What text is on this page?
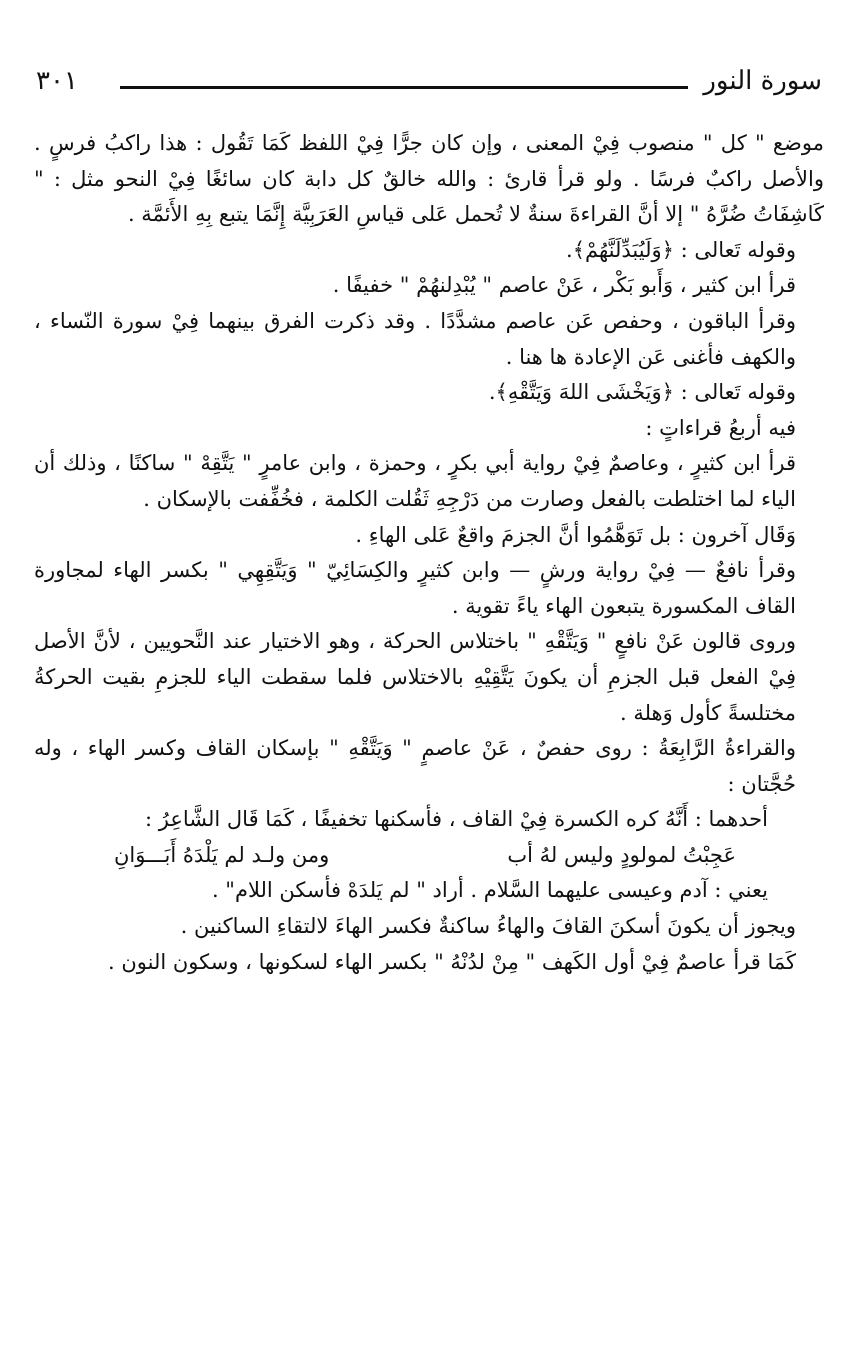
سورة النور
٣٠١

موضع " كل " منصوب فِيْ المعنى ، وإن كان جرًّا فِيْ اللفظ كَمَا تَقُول : هذا راكبُ فرسٍ . والأصل راكبٌ فرسًا . ولو قرأ قارئ : والله خالقٌ كل دابة كان سائغًا فِيْ النحو مثل : " كَاشِفَاتُ ضُرَّهُ " إلا أنَّ القراءةَ سنةٌ لا تُحمل عَلى قياسِ العَرَبِيَّة إِنَّمَا يتبع بِهِ الأَئمَّة .

وقوله تَعالى : ﴿وَلَيُبَدِّلَنَّهُمْ﴾.

قرأ ابن كثير ، وَأَبو بَكْر ، عَنْ عاصم " يُبْدِلنهُمْ " خفيفًا .

وقرأ الباقون ، وحفص عَن عاصم مشدَّدًا . وقد ذكرت الفرق بينهما فِيْ سورة النّساء ، والكهف فأغنى عَن الإعادة ها هنا .

وقوله تَعالى : ﴿وَيَخْشَى اللهَ وَيَتَّقْهِ﴾.

فيه أربعُ قراءاتٍ :

قرأ ابن كثيرٍ ، وعاصمٌ فِيْ رواية أبي بكرٍ ، وحمزة ، وابن عامرٍ " يَتَّقِهْ " ساكنًا ، وذلك أن الياء لما اختلطت بالفعل وصارت من دَرْجِهِ ثَقُلت الكلمة ، فخُفِّفت بالإسكان .

وَقَال آخرون : بل تَوَهَّمُوا أنَّ الجزمَ واقعٌ عَلى الهاءِ .

وقرأ نافعٌ — فِيْ رواية ورشٍ — وابن كثيرٍ والكِسَائِيّ " وَيَتَّقِهِي " بكسر الهاء لمجاورة القاف المكسورة يتبعون الهاء ياءً تقوية .

وروى قالون عَنْ نافعٍ " وَيَتَّقْهِ " باختلاس الحركة ، وهو الاختيار عند النَّحويين ، لأنَّ الأصل فِيْ الفعل قبل الجزمِ أن يكونَ يَتَّقِيْهِ بالاختلاس فلما سقطت الياء للجزمِ بقيت الحركةُ مختلسةً كأول وَهلة .

والقراءةُ الرَّابِعَةُ : روى حفصٌ ، عَنْ عاصمٍ " وَيَتَّقْهِ " بإسكان القاف وكسر الهاء ، وله حُجَّتان :

أحدهما : أَنَّهُ كره الكسرة فِيْ القاف ، فأسكنها تخفيفًا ، كَمَا قَال الشَّاعِرُ :

عَجِبْتُ لمولودٍ وليس لهُ أب
ومن ولـد لم يَلْدَهُ أَبَـــوَانِ

يعني : آدم وعيسى عليهما السَّلام . أراد " لم يَلدَهْ فأسكن اللام" .

ويجوز أن يكونَ أسكنَ القافَ والهاءُ ساكنةٌ فكسر الهاءَ لالتقاءِ الساكنين .

كَمَا قرأ عاصمٌ فِيْ أول الكَهف " مِنْ لدُنْهُ " بكسر الهاء لسكونها ، وسكون النون .
